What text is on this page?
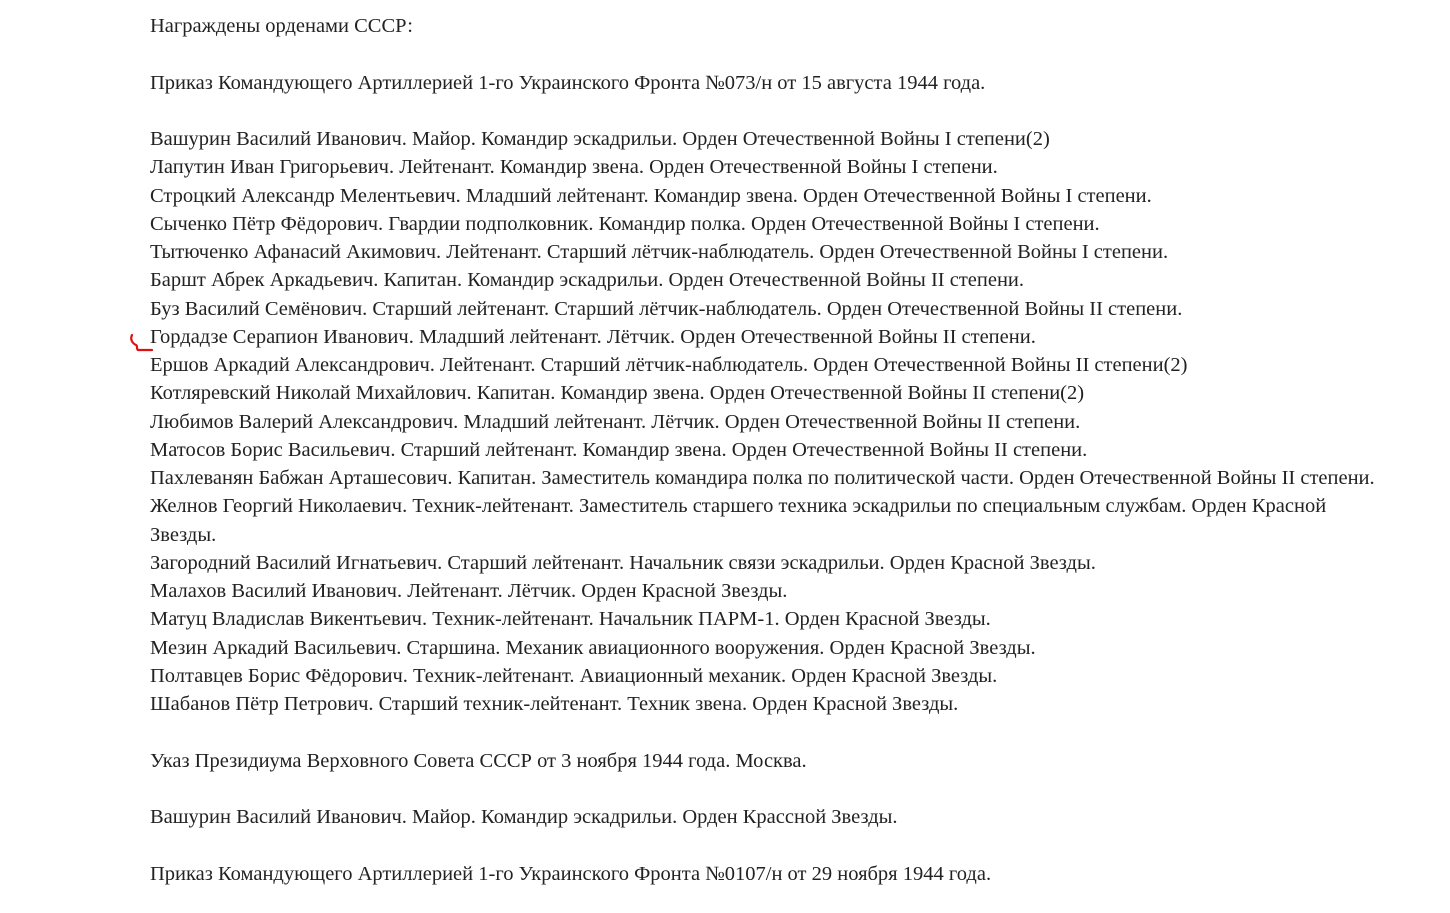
Награждены орденами СССР:

Приказ Командующего Артиллерией 1-го Украинского Фронта №073/н от 15 августа 1944 года.

Вашурин Василий Иванович. Майор. Командир эскадрильи. Орден Отечественной Войны I степени(2)

Лапутин Иван Григорьевич. Лейтенант. Командир звена. Орден Отечественной Войны I степени.

Строцкий Александр Мелентьевич. Младший лейтенант. Командир звена. Орден Отечественной Войны I степени.

Сыченко Пётр Фёдорович. Гвардии подполковник. Командир полка. Орден Отечественной Войны I степени.

Тытюченко Афанасий Акимович. Лейтенант. Старший лётчик-наблюдатель. Орден Отечественной Войны I степени.

Баршт Абрек Аркадьевич. Капитан. Командир эскадрильи. Орден Отечественной Войны II степени.

Буз Василий Семёнович. Старший лейтенант. Старший лётчик-наблюдатель. Орден Отечественной Войны II степени.

Гордадзе Серапион Иванович. Младший лейтенант. Лётчик. Орден Отечественной Войны II степени.

Ершов Аркадий Александрович. Лейтенант. Старший лётчик-наблюдатель. Орден Отечественной Войны II степени(2)

Котляревский Николай Михайлович. Капитан. Командир звена. Орден Отечественной Войны II степени(2)

Любимов Валерий Александрович. Младший лейтенант. Лётчик. Орден Отечественной Войны II степени.

Матосов Борис Васильевич. Старший лейтенант. Командир звена. Орден Отечественной Войны II степени.

Пахлеванян Бабжан Арташесович. Капитан. Заместитель командира полка по политической части. Орден Отечественной Войны II степени.

Желнов Георгий Николаевич. Техник-лейтенант. Заместитель старшего техника эскадрильи по специальным службам. Орден Красной Звезды.

Загородний Василий Игнатьевич. Старший лейтенант. Начальник связи эскадрильи. Орден Красной Звезды.

Малахов Василий Иванович. Лейтенант. Лётчик. Орден Красной Звезды.

Матуц Владислав Викентьевич. Техник-лейтенант. Начальник ПАРМ-1. Орден Красной Звезды.

Мезин Аркадий Васильевич. Старшина. Механик авиационного вооружения. Орден Красной Звезды.

Полтавцев Борис Фёдорович. Техник-лейтенант. Авиационный механик. Орден Красной Звезды.

Шабанов Пётр Петрович. Старший техник-лейтенант. Техник звена. Орден Красной Звезды.

Указ Президиума Верховного Совета СССР от 3 ноября 1944 года. Москва.

Вашурин Василий Иванович. Майор. Командир эскадрильи. Орден Крассной Звезды.

Приказ Командующего Артиллерией 1-го Украинского Фронта №0107/н от 29 ноября 1944 года.
